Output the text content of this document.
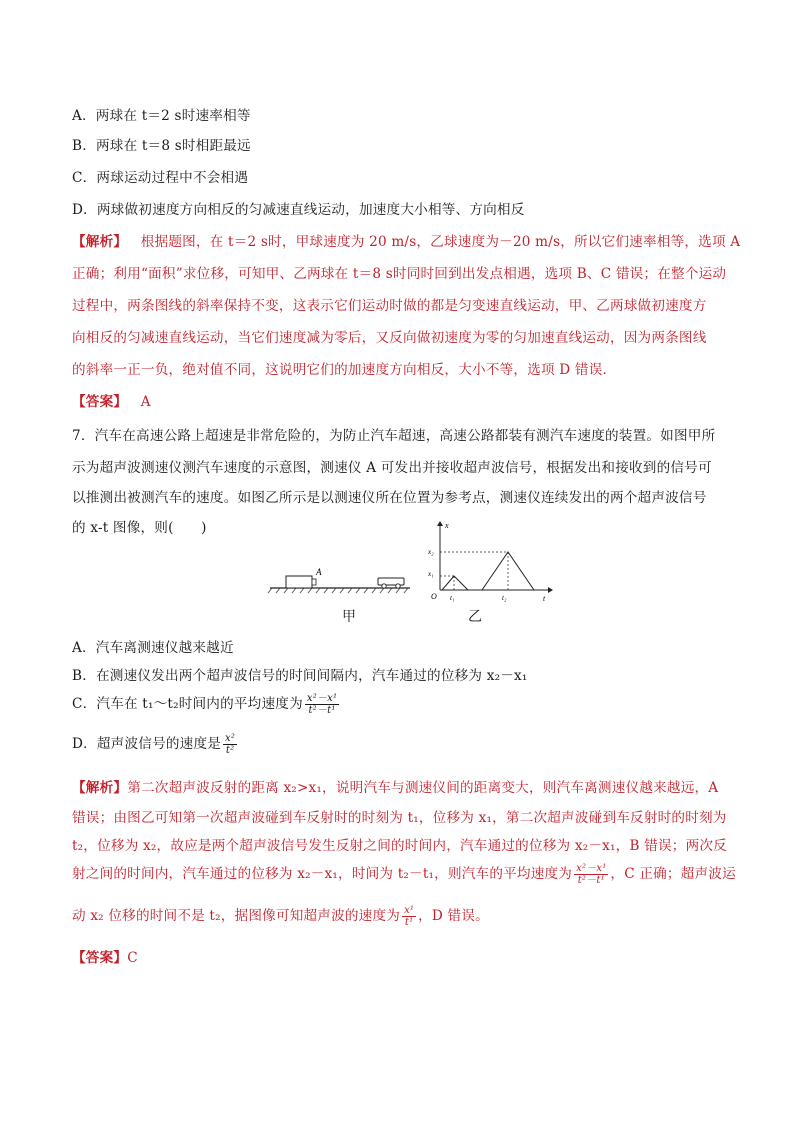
A．两球在 t＝2 s时速率相等
B．两球在 t＝8 s时相距最远
C．两球运动过程中不会相遇
D．两球做初速度方向相反的匀减速直线运动，加速度大小相等、方向相反
【解析】 根据题图，在 t＝2 s时，甲球速度为 20 m/s，乙球速度为－20 m/s，所以它们速率相等，选项 A
正确；利用“面积”求位移，可知甲、乙两球在 t＝8 s时同时回到出发点相遇，选项 B、C 错误；在整个运动
过程中，两条图线的斜率保持不变，这表示它们运动时做的都是匀变速直线运动，甲、乙两球做初速度方
向相反的匀减速直线运动，当它们速度减为零后，又反向做初速度为零的匀加速直线运动，因为两条图线
的斜率一正一负，绝对值不同，这说明它们的加速度方向相反，大小不等，选项 D 错误．
【答案】 A
7．汽车在高速公路上超速是非常危险的，为防止汽车超速，高速公路都装有测汽车速度的装置。如图甲所
示为超声波测速仪测汽车速度的示意图，测速仪 A 可发出并接收超声波信号，根据发出和接收到的信号可
以推测出被测汽车的速度。如图乙所示是以测速仪所在位置为参考点，测速仪连续发出的两个超声波信号
的 x-t 图像，则(　　)
A
x
t
O
x₂
x₁
t₁	t₂
甲	乙
A．汽车离测速仪越来越近
B．在测速仪发出两个超声波信号的时间间隔内，汽车通过的位移为 x₂－x₁
C．汽车在 t₁～t₂时间内的平均速度为 $\frac{\text{x²－x¹}}{\text{t²－t¹}}$
D．超声波信号的速度是 $\frac{\text{x²}}{\text{t²}}$
【解析】第二次超声波反射的距离 x₂>x₁，说明汽车与测速仪间的距离变大，则汽车离测速仪越来越远，A
错误；由图乙可知第一次超声波碰到车反射时的时刻为 t₁，位移为 x₁，第二次超声波碰到车反射时的时刻为
t₂，位移为 x₂，故应是两个超声波信号发生反射之间的时间内，汽车通过的位移为 x₂－x₁，B 错误；两次反
射之间的时间内，汽车通过的位移为 x₂－x₁，时间为 t₂－t₁，则汽车的平均速度为 $\frac{\text{x²－x¹}}{\text{t²－t¹}}$ ，C 正确；超声波运
动 x₂ 位移的时间不是 t₂，据图像可知超声波的速度为 $\frac{\text{x¹}}{\text{t¹}}$ ，D 错误。
【答案】C
